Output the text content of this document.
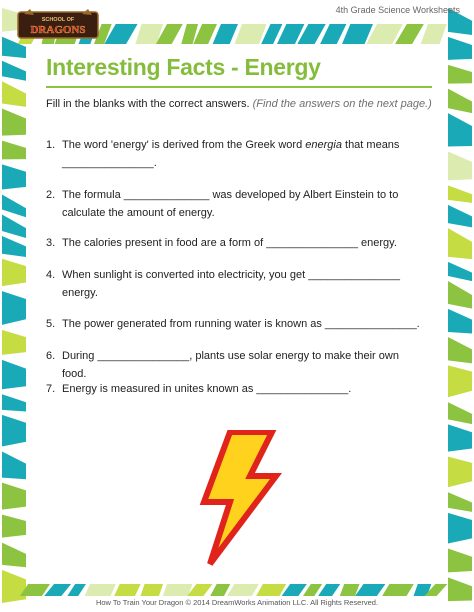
SCHOOL OF
DRAGONS
4th Grade Science Worksheets
Interesting Facts - Energy
Fill in the blanks with the correct answers. (Find the answers on the next page.)
1. The word 'energy' is derived from the Greek word energia that means
_______________.
2. The formula ______________ was developed by Albert Einstein to to
calculate the amount of energy.
3. The calories present in food are a form of _______________ energy.
4. When sunlight is converted into electricity, you get _______________
energy.
5. The power generated from running water is known as _______________.
6. During _______________, plants use solar energy to make their own food.
7. Energy is measured in unites known as _______________.
How To Train Your Dragon © 2014 DreamWorks Animation LLC. All Rights Reserved.
